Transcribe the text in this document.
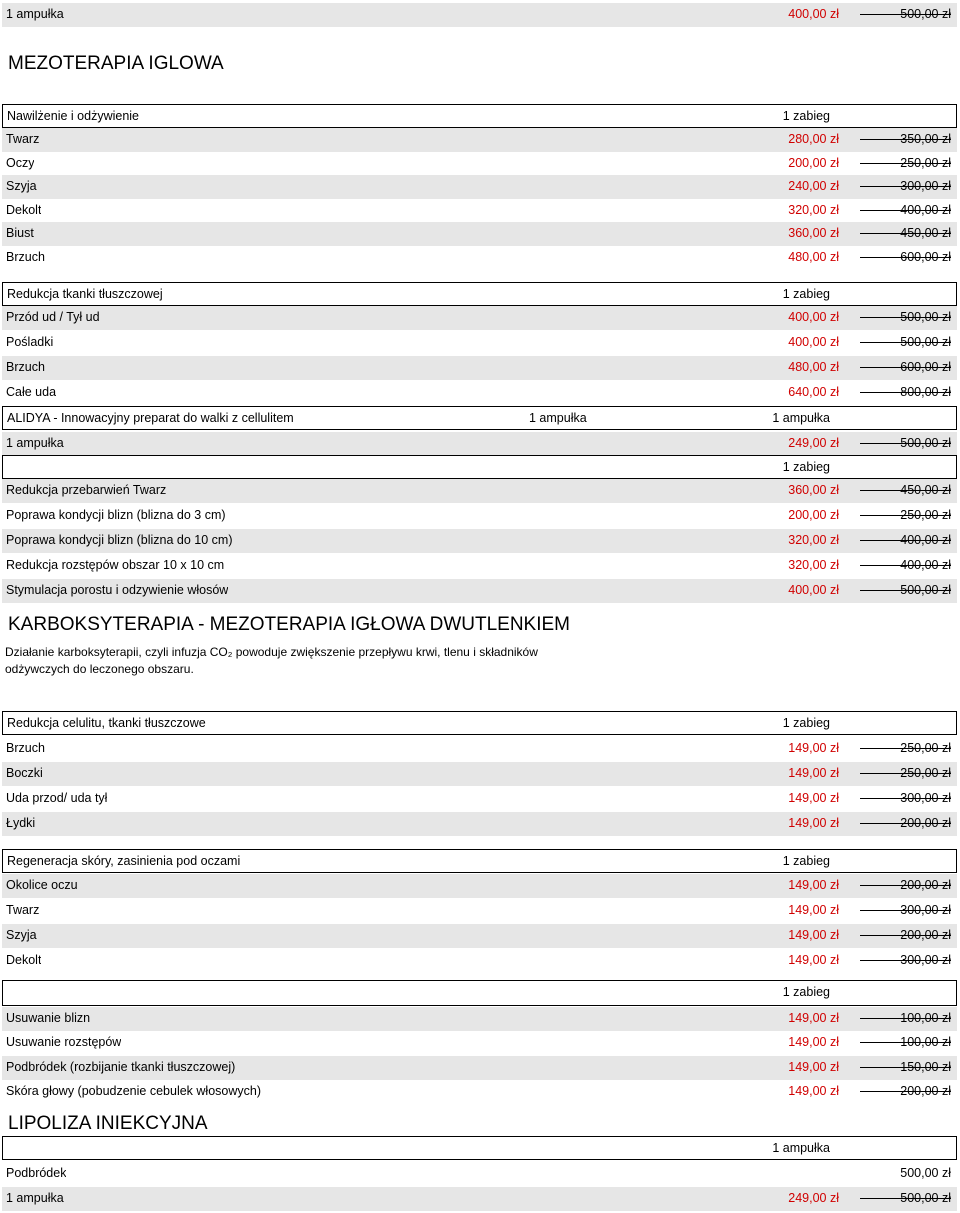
MEZOTERAPIA IGLOWA
KARBOKSYTERAPIA - MEZOTERAPIA IGŁOWA DWUTLENKIEM
Działanie karboksyterapii, czyli infuzja CO₂ powoduje zwiększenie przepływu krwi, tlenu i składników odżywczych do leczonego obszaru.
LIPOLIZA INIEKCYJNA
1 ampułka	400,00 zł	500,00 zł
Nawilżenie i odżywienie	1 zabieg
Twarz	280,00 zł	350,00 zł
Oczy	200,00 zł	250,00 zł
Szyja	240,00 zł	300,00 zł
Dekolt	320,00 zł	400,00 zł
Biust	360,00 zł	450,00 zł
Brzuch	480,00 zł	600,00 zł
Redukcja tkanki tłuszczowej	1 zabieg
Przód ud / Tył ud	400,00 zł	500,00 zł
Pośladki	400,00 zł	500,00 zł
Brzuch	480,00 zł	600,00 zł
Całe uda	640,00 zł	800,00 zł
ALIDYA - Innowacyjny preparat do walki z cellulitem	1 ampułka	1 ampułka
1 ampułka	249,00 zł	500,00 zł
1 zabieg
Redukcja przebarwień Twarz	360,00 zł	450,00 zł
Poprawa kondycji blizn (blizna do 3 cm)	200,00 zł	250,00 zł
Poprawa kondycji blizn (blizna do 10 cm)	320,00 zł	400,00 zł
Redukcja rozstępów obszar 10 x 10 cm	320,00 zł	400,00 zł
Stymulacja porostu i odzywienie włosów	400,00 zł	500,00 zł
Redukcja celulitu, tkanki tłuszczowe	1 zabieg
Brzuch	149,00 zł	250,00 zł
Boczki	149,00 zł	250,00 zł
Uda przod/ uda tył	149,00 zł	300,00 zł
Łydki	149,00 zł	200,00 zł
Regeneracja skóry, zasinienia pod oczami	1 zabieg
Okolice oczu	149,00 zł	200,00 zł
Twarz	149,00 zł	300,00 zł
Szyja	149,00 zł	200,00 zł
Dekolt	149,00 zł	300,00 zł
1 zabieg
Usuwanie blizn	149,00 zł	100,00 zł
Usuwanie rozstępów	149,00 zł	100,00 zł
Podbródek (rozbijanie tkanki tłuszczowej)	149,00 zł	150,00 zł
Skóra głowy (pobudzenie cebulek włosowych)	149,00 zł	200,00 zł
1 ampułka
Podbródek	500,00 zł
1 ampułka	249,00 zł	500,00 zł
